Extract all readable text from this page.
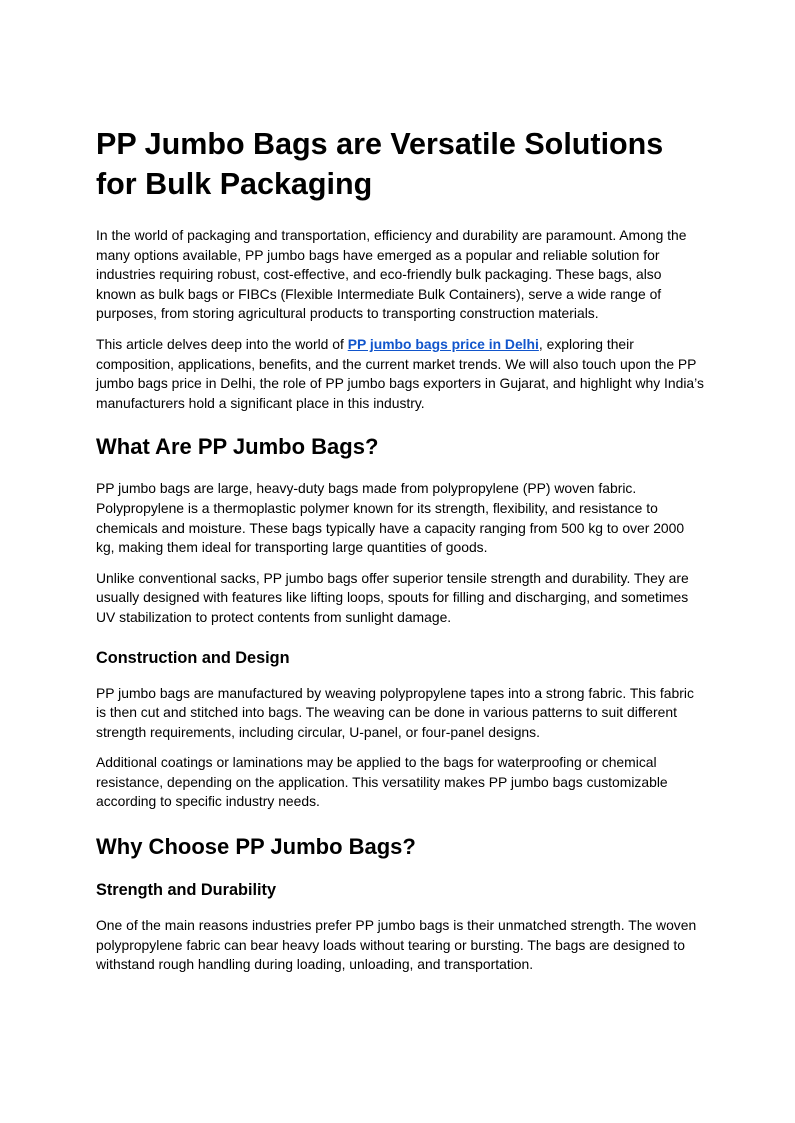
PP Jumbo Bags are Versatile Solutions for Bulk Packaging

In the world of packaging and transportation, efficiency and durability are paramount. Among the many options available, PP jumbo bags have emerged as a popular and reliable solution for industries requiring robust, cost-effective, and eco-friendly bulk packaging. These bags, also known as bulk bags or FIBCs (Flexible Intermediate Bulk Containers), serve a wide range of purposes, from storing agricultural products to transporting construction materials.

This article delves deep into the world of PP jumbo bags price in Delhi, exploring their composition, applications, benefits, and the current market trends. We will also touch upon the PP jumbo bags price in Delhi, the role of PP jumbo bags exporters in Gujarat, and highlight why India’s manufacturers hold a significant place in this industry.

What Are PP Jumbo Bags?

PP jumbo bags are large, heavy-duty bags made from polypropylene (PP) woven fabric. Polypropylene is a thermoplastic polymer known for its strength, flexibility, and resistance to chemicals and moisture. These bags typically have a capacity ranging from 500 kg to over 2000 kg, making them ideal for transporting large quantities of goods.

Unlike conventional sacks, PP jumbo bags offer superior tensile strength and durability. They are usually designed with features like lifting loops, spouts for filling and discharging, and sometimes UV stabilization to protect contents from sunlight damage.

Construction and Design

PP jumbo bags are manufactured by weaving polypropylene tapes into a strong fabric. This fabric is then cut and stitched into bags. The weaving can be done in various patterns to suit different strength requirements, including circular, U-panel, or four-panel designs.

Additional coatings or laminations may be applied to the bags for waterproofing or chemical resistance, depending on the application. This versatility makes PP jumbo bags customizable according to specific industry needs.

Why Choose PP Jumbo Bags?
Strength and Durability

One of the main reasons industries prefer PP jumbo bags is their unmatched strength. The woven polypropylene fabric can bear heavy loads without tearing or bursting. The bags are designed to withstand rough handling during loading, unloading, and transportation.
